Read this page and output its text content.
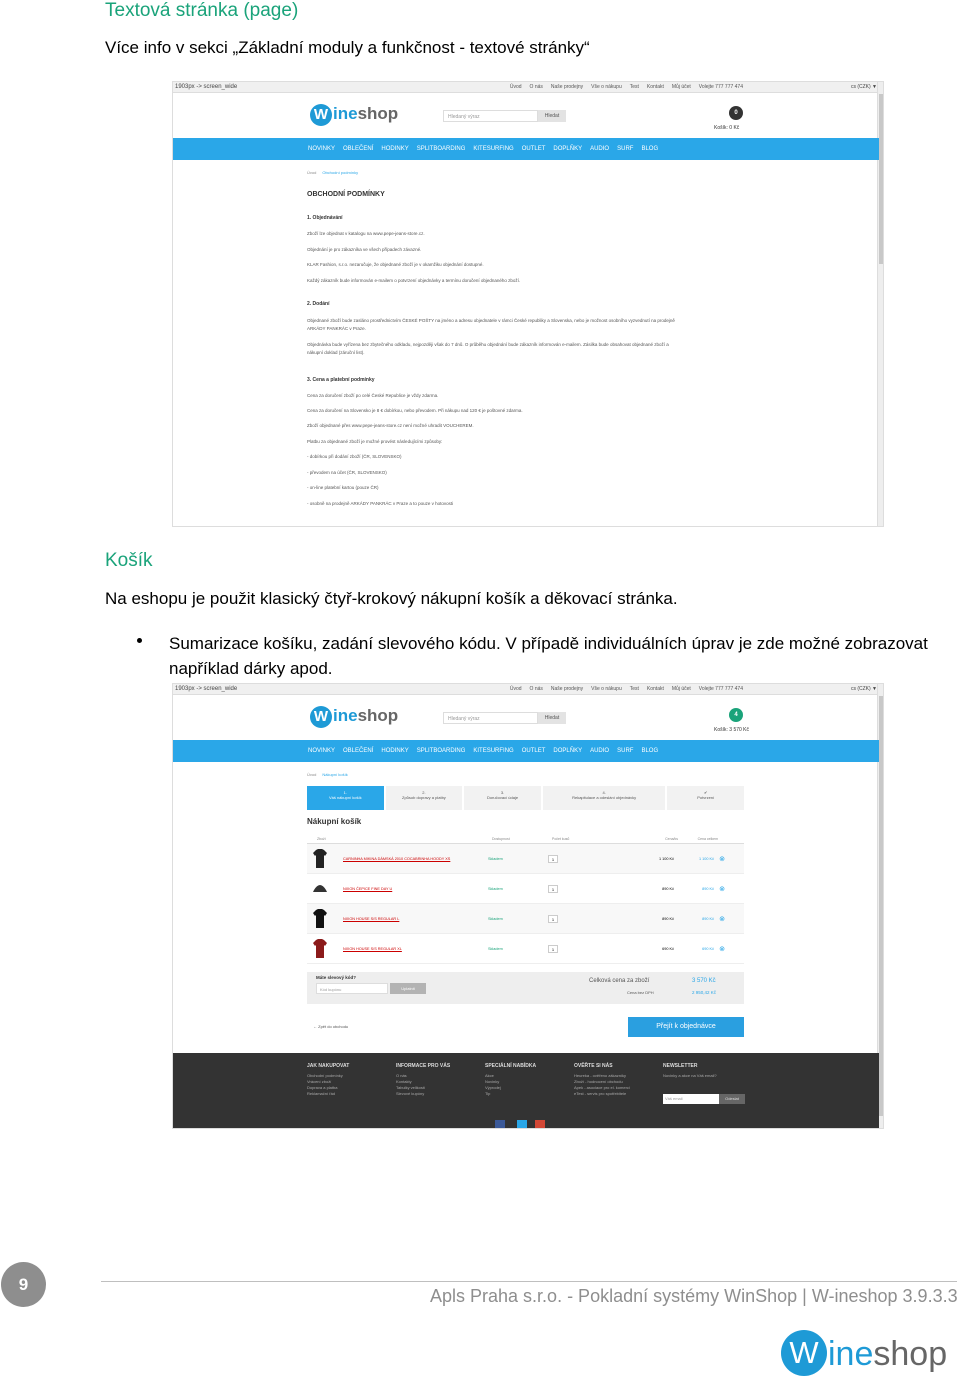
Textová stránka (page)
Více info v sekci „Základní moduly a funkčnost - textové stránky“
1903px -> screen_wide	Úvod O nás Naše prodejny Vše o nákupu Test Kontakt Můj účet Volejte 777 777 474	cs (CZK) ▼
W ineshop	Hledaný výraz	Hledat	0
Košík: 0 Kč
NOVINKY OBLEČENÍ HODINKY SPLITBOARDING KITESURFING OUTLET DOPLŇKY AUDIO SURF BLOG
Úvod Obchodní podmínky
OBCHODNÍ PODMÍNKY
1. Objednávání
Zboží lze objednat v katalogu na www.pepe-jeans-store.cz.
Objednání je pro zákazníka ve všech případech závazné.
KLAR Fashion, s.r.o. nezaručuje, že objednané zboží je v okamžiku objednání dostupné.
Každý zákazník bude informován e-mailem o potvrzení objednávky a termínu doručení objednaného zboží.
2. Dodání
Objednané zboží bude zasláno prostřednictvím ČESKÉ POŠTY na jméno a adresu objednatele v rámci České republiky a Slovenska, nebo je možnost osobního vyzvednutí na prodejně
ARKÁDY PANKRÁC v Praze.
Objednávka bude vyřízena bez zbytečného odkladu, nejpozději však do 7 dnů. O průběhu objednání bude zákazník informován e-mailem. Zásilka bude obsahovat objednané zboží a
nákupní doklad (záruční list).
3. Cena a platební podmínky
Cena za doručení zboží po celé České Republice je vždy zdarma.
Cena za doručení na Slovensko je 8 € dobírkou, nebo převodem. Při nákupu nad 120 € je poštovné zdarma.
Zboží objednané přes www.pepe-jeans-store.cz není možné uhradit VOUCHEREM.
Platbu za objednané zboží je možné provést následujícími způsoby:
- dobírkou při dodání zboží (ČR, SLOVENSKO)
- převodem na účet (ČR, SLOVENSKO)
- on-line platební kartou (pouze ČR)
- osobně na prodejně ARKÁDY PANKRÁC v Praze a to pouze v hotovosti
Košík
Na eshopu je použit klasický čtyř-krokový nákupní košík a děkovací stránka.
Sumarizace košíku, zadání slevového kódu. V případě individuálních úprav je zde možné zobrazovat
například dárky apod.
1903px -> screen_wide	Úvod O nás Naše prodejny Vše o nákupu Test Kontakt Můj účet Volejte 777 777 474	cs (CZK) ▼
W ineshop	Hledaný výraz	Hledat	4
Košík: 3 570 Kč
NOVINKY OBLEČENÍ HODINKY SPLITBOARDING KITESURFING OUTLET DOPLŇKY AUDIO SURF BLOG
Úvod Nákupní košík
1.
Váš nákupní košík
2.
Způsob dopravy a platby
3.
Doručovací údaje
4.
Rekapitulace a odeslání objednávky
✔
Potvrzení
Nákupní košík
Zboží	Dostupnost	Počet kusů	Cena/ks	Cena celkem
CARNINHA MIKINA DÁMSKÁ 2010 COCABRINHA HOODY XS	Skladem	1	1 100 Kč	1 100 Kč ⊗
NIXON ČEPICE FINE DAY U	Skladem	1	890 Kč	890 Kč ⊗
NIXON HOUSE S/S REGULAR L	Skladem	1	890 Kč	890 Kč ⊗
NIXON HOUSE S/S REGULAR XL	Skladem	1	690 Kč	690 Kč ⊗
Máte slevový kód?
Kód kupónu	Uplatnit
Celková cena za zboží	3 570 Kč
Cena bez DPH	2 950,42 Kč
← Zpět do obchodu	Přejít k objednávce
JAK NAKUPOVAT
Obchodní podmínky
Vrácení zboží
Doprava a platba
Reklamační řád
INFORMACE PRO VÁS
O nás
Kontakty
Tabulky velikostí
Slevové kupóny
SPECIÁLNÍ NABÍDKA
Akce
Novinky
Výprodej
Tip
OVĚŘTE SI NÁS
Heureka - ověřeno zákazníky
Zboží - hodnocení obchodu
Apek - asociace pro el. komerci
eTest - servis pro spotřebitele
NEWSLETTER
Novinky a akce na Váš email?
Váš email	Odeslat
9
Apls Praha s.r.o. - Pokladní systémy WinShop | W-ineshop 3.9.3.3
W ineshop
